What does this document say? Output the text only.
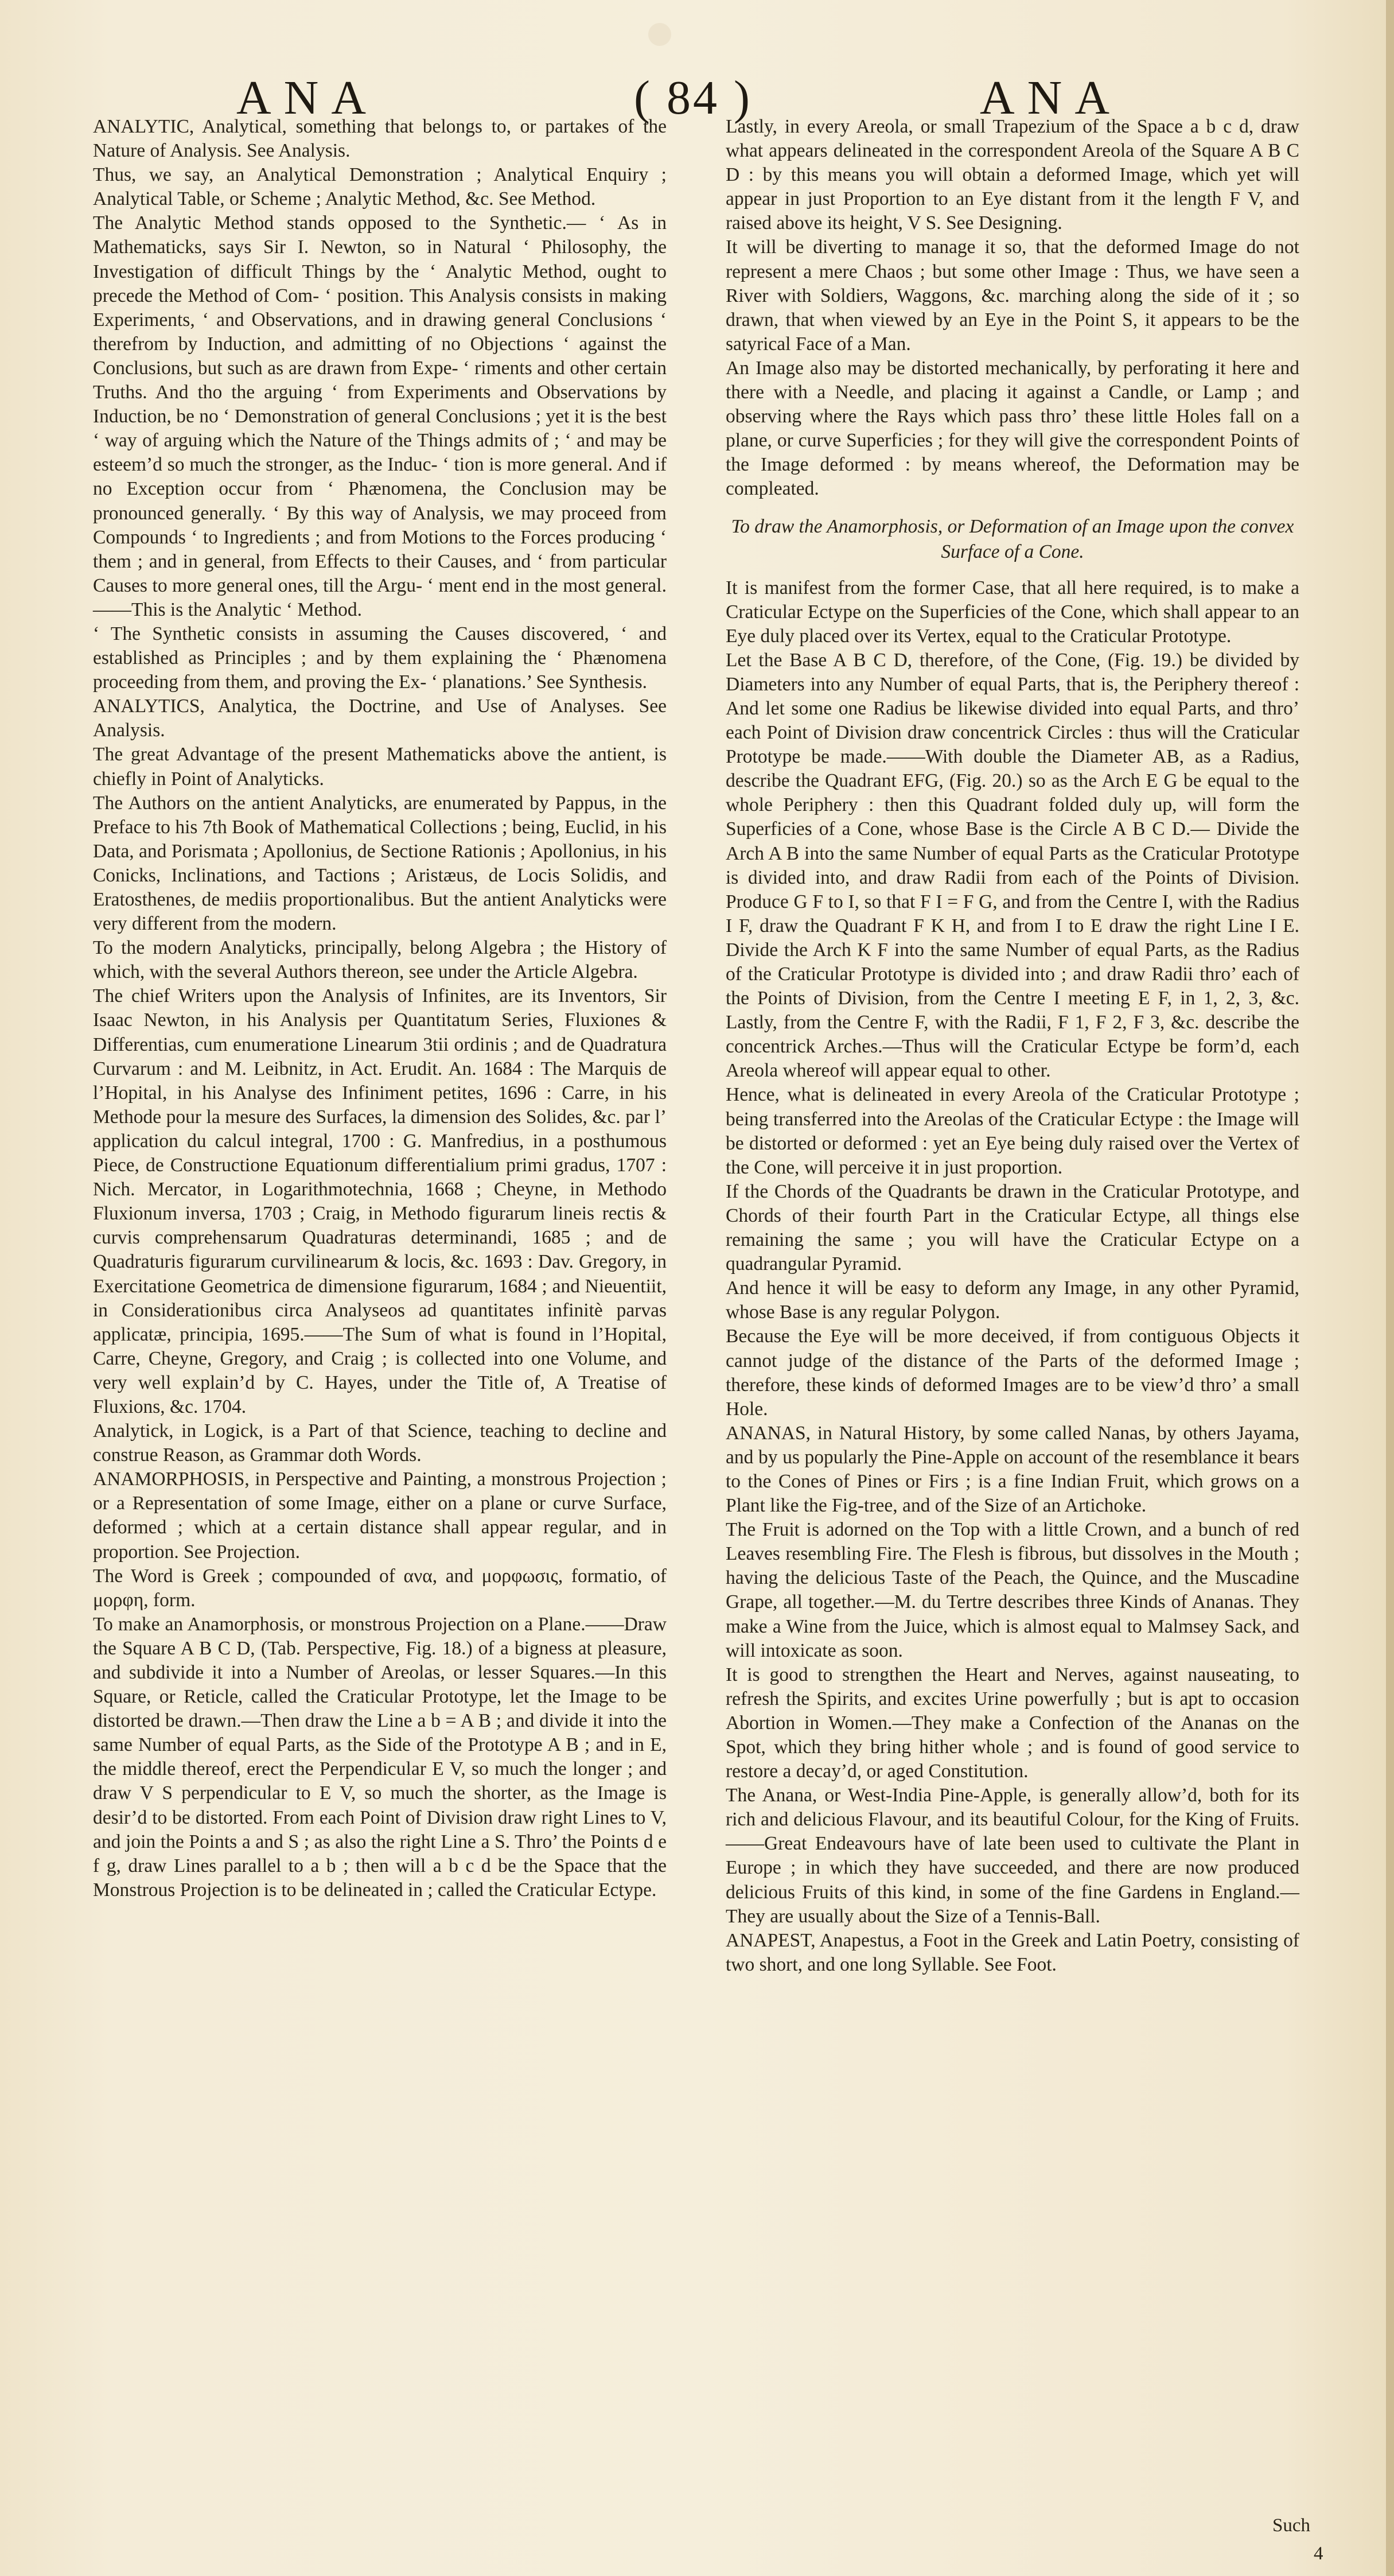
ANA	( 84 )	ANA

ANALYTIC, Analytical, something that belongs to, or partakes of the Nature of Analysis. See Analysis.

Thus, we say, an Analytical Demonstration ; Analytical Enquiry ; Analytical Table, or Scheme ; Analytic Method, &c. See Method.

The Analytic Method stands opposed to the Synthetic.— ‘ As in Mathematicks, says Sir I. Newton, so in Natural ‘ Philosophy, the Investigation of difficult Things by the ‘ Analytic Method, ought to precede the Method of Com- ‘ position. This Analysis consists in making Experiments, ‘ and Observations, and in drawing general Conclusions ‘ therefrom by Induction, and admitting of no Objections ‘ against the Conclusions, but such as are drawn from Expe- ‘ riments and other certain Truths. And tho the arguing ‘ from Experiments and Observations by Induction, be no ‘ Demonstration of general Conclusions ; yet it is the best ‘ way of arguing which the Nature of the Things admits of ; ‘ and may be esteem’d so much the stronger, as the Induc- ‘ tion is more general. And if no Exception occur from ‘ Phænomena, the Conclusion may be pronounced generally. ‘ By this way of Analysis, we may proceed from Compounds ‘ to Ingredients ; and from Motions to the Forces producing ‘ them ; and in general, from Effects to their Causes, and ‘ from particular Causes to more general ones, till the Argu- ‘ ment end in the most general.——This is the Analytic ‘ Method.

‘ The Synthetic consists in assuming the Causes discovered, ‘ and established as Principles ; and by them explaining the ‘ Phænomena proceeding from them, and proving the Ex- ‘ planations.’ See Synthesis.

ANALYTICS, Analytica, the Doctrine, and Use of Analyses. See Analysis.

The great Advantage of the present Mathematicks above the antient, is chiefly in Point of Analyticks.

The Authors on the antient Analyticks, are enumerated by Pappus, in the Preface to his 7th Book of Mathematical Collections ; being, Euclid, in his Data, and Porismata ; Apollonius, de Sectione Rationis ; Apollonius, in his Conicks, Inclinations, and Tactions ; Aristæus, de Locis Solidis, and Eratosthenes, de mediis proportionalibus. But the antient Analyticks were very different from the modern.

To the modern Analyticks, principally, belong Algebra ; the History of which, with the several Authors thereon, see under the Article Algebra.

The chief Writers upon the Analysis of Infinites, are its Inventors, Sir Isaac Newton, in his Analysis per Quantitatum Series, Fluxiones & Differentias, cum enumeratione Linearum 3tii ordinis ; and de Quadratura Curvarum : and M. Leibnitz, in Act. Erudit. An. 1684 : The Marquis de l’Hopital, in his Analyse des Infiniment petites, 1696 : Carre, in his Methode pour la mesure des Surfaces, la dimension des Solides, &c. par l’ application du calcul integral, 1700 : G. Manfredius, in a posthumous Piece, de Constructione Equationum differentialium primi gradus, 1707 : Nich. Mercator, in Logarithmotechnia, 1668 ; Cheyne, in Methodo Fluxionum inversa, 1703 ; Craig, in Methodo figurarum lineis rectis & curvis comprehensarum Quadraturas determinandi, 1685 ; and de Quadraturis figurarum curvilinearum & locis, &c. 1693 : Dav. Gregory, in Exercitatione Geometrica de dimensione figurarum, 1684 ; and Nieuentiit, in Considerationibus circa Analyseos ad quantitates infinitè parvas applicatæ, principia, 1695.——The Sum of what is found in l’Hopital, Carre, Cheyne, Gregory, and Craig ; is collected into one Volume, and very well explain’d by C. Hayes, under the Title of, A Treatise of Fluxions, &c. 1704.

Analytick, in Logick, is a Part of that Science, teaching to decline and construe Reason, as Grammar doth Words.

ANAMORPHOSIS, in Perspective and Painting, a monstrous Projection ; or a Representation of some Image, either on a plane or curve Surface, deformed ; which at a certain distance shall appear regular, and in proportion. See Projection.

The Word is Greek ; compounded of ανα, and μορφωσις, formatio, of μορφη, form.

To make an Anamorphosis, or monstrous Projection on a Plane.——Draw the Square A B C D, (Tab. Perspective, Fig. 18.) of a bigness at pleasure, and subdivide it into a Number of Areolas, or lesser Squares.—In this Square, or Reticle, called the Craticular Prototype, let the Image to be distorted be drawn.—Then draw the Line a b = A B ; and divide it into the same Number of equal Parts, as the Side of the Prototype A B ; and in E, the middle thereof, erect the Perpendicular E V, so much the longer ; and draw V S perpendicular to E V, so much the shorter, as the Image is desir’d to be distorted. From each Point of Division draw right Lines to V, and join the Points a and S ; as also the right Line a S. Thro’ the Points d e f g, draw Lines parallel to a b ; then will a b c d be the Space that the Monstrous Projection is to be delineated in ; called the Craticular Ectype.

Lastly, in every Areola, or small Trapezium of the Space a b c d, draw what appears delineated in the correspondent Areola of the Square A B C D : by this means you will obtain a deformed Image, which yet will appear in just Proportion to an Eye distant from it the length F V, and raised above its height, V S. See Designing.

It will be diverting to manage it so, that the deformed Image do not represent a mere Chaos ; but some other Image : Thus, we have seen a River with Soldiers, Waggons, &c. marching along the side of it ; so drawn, that when viewed by an Eye in the Point S, it appears to be the satyrical Face of a Man.

An Image also may be distorted mechanically, by perforating it here and there with a Needle, and placing it against a Candle, or Lamp ; and observing where the Rays which pass thro’ these little Holes fall on a plane, or curve Superficies ; for they will give the correspondent Points of the Image deformed : by means whereof, the Deformation may be compleated.

To draw the Anamorphosis, or Deformation of an Image upon the convex Surface of a Cone.

It is manifest from the former Case, that all here required, is to make a Craticular Ectype on the Superficies of the Cone, which shall appear to an Eye duly placed over its Vertex, equal to the Craticular Prototype.

Let the Base A B C D, therefore, of the Cone, (Fig. 19.) be divided by Diameters into any Number of equal Parts, that is, the Periphery thereof : And let some one Radius be likewise divided into equal Parts, and thro’ each Point of Division draw concentrick Circles : thus will the Craticular Prototype be made.——With double the Diameter AB, as a Radius, describe the Quadrant EFG, (Fig. 20.) so as the Arch E G be equal to the whole Periphery : then this Quadrant folded duly up, will form the Superficies of a Cone, whose Base is the Circle A B C D.— Divide the Arch A B into the same Number of equal Parts as the Craticular Prototype is divided into, and draw Radii from each of the Points of Division. Produce G F to I, so that F I = F G, and from the Centre I, with the Radius I F, draw the Quadrant F K H, and from I to E draw the right Line I E. Divide the Arch K F into the same Number of equal Parts, as the Radius of the Craticular Prototype is divided into ; and draw Radii thro’ each of the Points of Division, from the Centre I meeting E F, in 1, 2, 3, &c. Lastly, from the Centre F, with the Radii, F 1, F 2, F 3, &c. describe the concentrick Arches.—Thus will the Craticular Ectype be form’d, each Areola whereof will appear equal to other.

Hence, what is delineated in every Areola of the Craticular Prototype ; being transferred into the Areolas of the Craticular Ectype : the Image will be distorted or deformed : yet an Eye being duly raised over the Vertex of the Cone, will perceive it in just proportion.

If the Chords of the Quadrants be drawn in the Craticular Prototype, and Chords of their fourth Part in the Craticular Ectype, all things else remaining the same ; you will have the Craticular Ectype on a quadrangular Pyramid.

And hence it will be easy to deform any Image, in any other Pyramid, whose Base is any regular Polygon.

Because the Eye will be more deceived, if from contiguous Objects it cannot judge of the distance of the Parts of the deformed Image ; therefore, these kinds of deformed Images are to be view’d thro’ a small Hole.

ANANAS, in Natural History, by some called Nanas, by others Jayama, and by us popularly the Pine-Apple on account of the resemblance it bears to the Cones of Pines or Firs ; is a fine Indian Fruit, which grows on a Plant like the Fig-tree, and of the Size of an Artichoke.

The Fruit is adorned on the Top with a little Crown, and a bunch of red Leaves resembling Fire. The Flesh is fibrous, but dissolves in the Mouth ; having the delicious Taste of the Peach, the Quince, and the Muscadine Grape, all together.—M. du Tertre describes three Kinds of Ananas. They make a Wine from the Juice, which is almost equal to Malmsey Sack, and will intoxicate as soon.

It is good to strengthen the Heart and Nerves, against nauseating, to refresh the Spirits, and excites Urine powerfully ; but is apt to occasion Abortion in Women.—They make a Confection of the Ananas on the Spot, which they bring hither whole ; and is found of good service to restore a decay’d, or aged Constitution.

The Anana, or West-India Pine-Apple, is generally allow’d, both for its rich and delicious Flavour, and its beautiful Colour, for the King of Fruits.——Great Endeavours have of late been used to cultivate the Plant in Europe ; in which they have succeeded, and there are now produced delicious Fruits of this kind, in some of the fine Gardens in England.—They are usually about the Size of a Tennis-Ball.

ANAPEST, Anapestus, a Foot in the Greek and Latin Poetry, consisting of two short, and one long Syllable. See Foot.

Such
4
